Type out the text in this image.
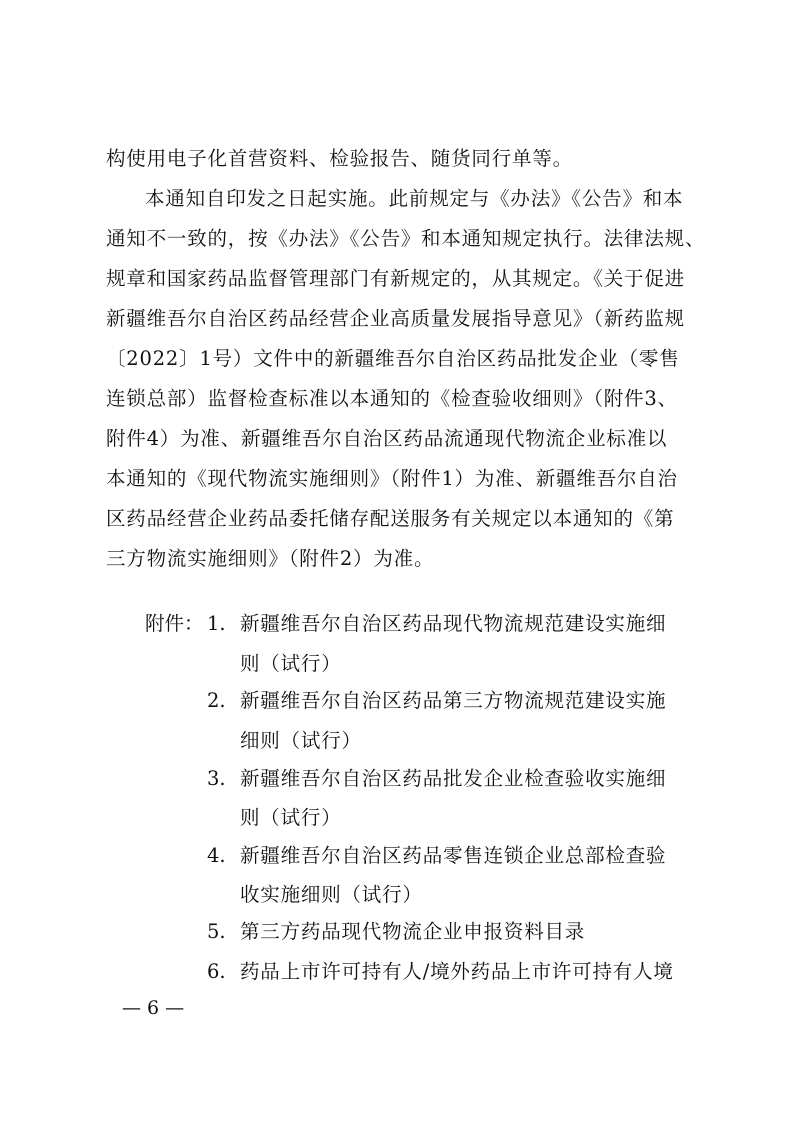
构使用电子化首营资料、检验报告、随货同行单等。
本通知自印发之日起实施。此前规定与《办法》《公告》和本
通知不一致的，按《办法》《公告》和本通知规定执行。法律法规、
规章和国家药品监督管理部门有新规定的，从其规定。《关于促进
新疆维吾尔自治区药品经营企业高质量发展指导意见》（新药监规
〔2022〕1号）文件中的新疆维吾尔自治区药品批发企业（零售
连锁总部）监督检查标准以本通知的《检查验收细则》（附件3、
附件4）为准、新疆维吾尔自治区药品流通现代物流企业标准以
本通知的《现代物流实施细则》（附件1）为准、新疆维吾尔自治
区药品经营企业药品委托储存配送服务有关规定以本通知的《第
三方物流实施细则》（附件2）为准。
附件： 1. 新疆维吾尔自治区药品现代物流规范建设实施细
则（试行）
2. 新疆维吾尔自治区药品第三方物流规范建设实施
细则（试行）
3. 新疆维吾尔自治区药品批发企业检查验收实施细
则（试行）
4. 新疆维吾尔自治区药品零售连锁企业总部检查验
收实施细则（试行）
5. 第三方药品现代物流企业申报资料目录
6. 药品上市许可持有人/境外药品上市许可持有人境
— 6 —
